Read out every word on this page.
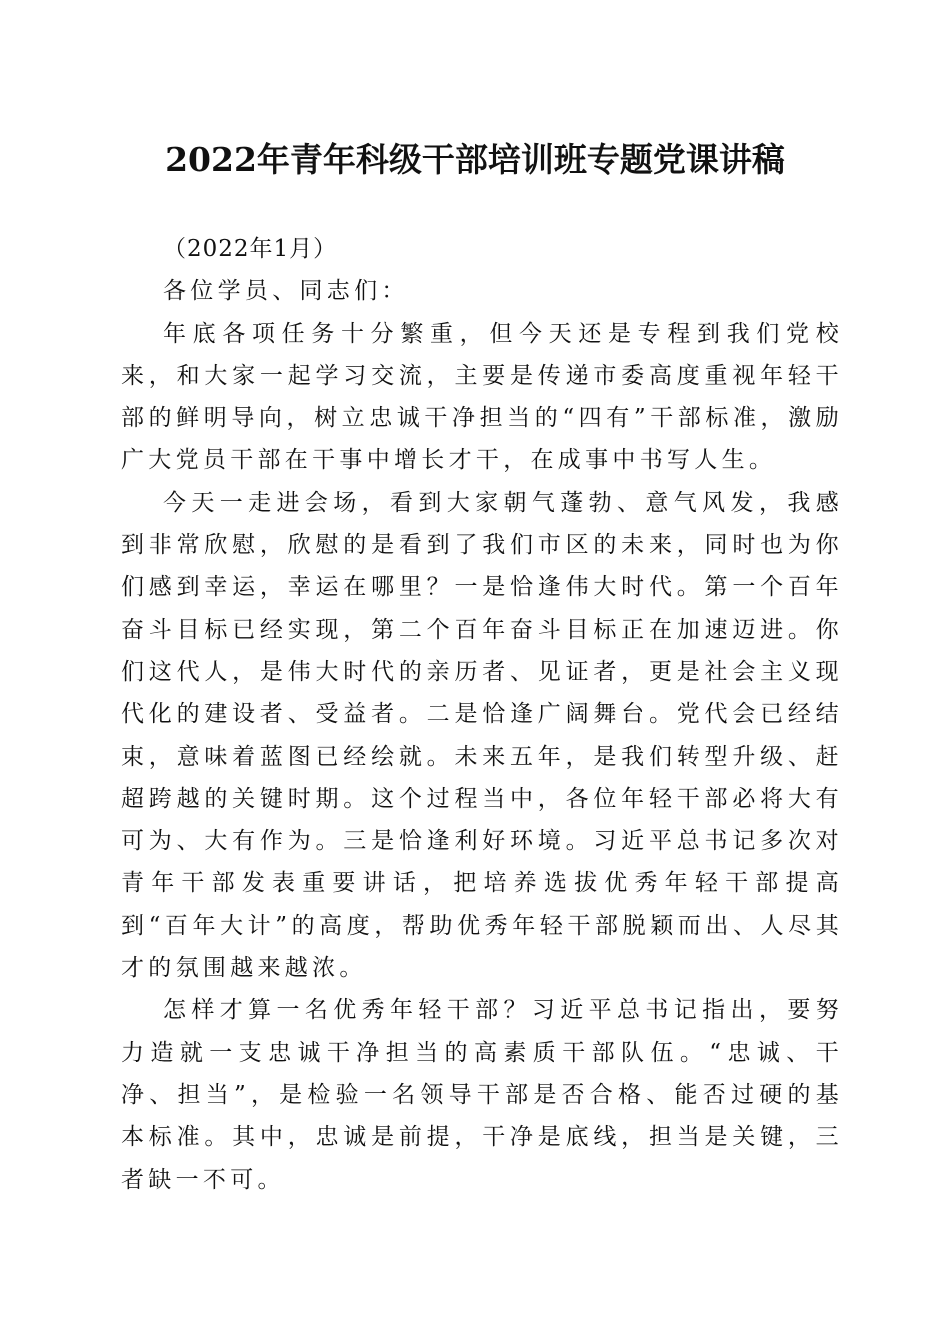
2022年青年科级干部培训班专题党课讲稿

（2022年1月）

各位学员、同志们：

年底各项任务十分繁重，但今天还是专程到我们党校来，和大家一起学习交流，主要是传递市委高度重视年轻干部的鲜明导向，树立忠诚干净担当的“四有”干部标准，激励广大党员干部在干事中增长才干，在成事中书写人生。

今天一走进会场，看到大家朝气蓬勃、意气风发，我感到非常欣慰，欣慰的是看到了我们市区的未来，同时也为你们感到幸运，幸运在哪里？一是恰逢伟大时代。第一个百年奋斗目标已经实现，第二个百年奋斗目标正在加速迈进。你们这代人，是伟大时代的亲历者、见证者，更是社会主义现代化的建设者、受益者。二是恰逢广阔舞台。党代会已经结束，意味着蓝图已经绘就。未来五年，是我们转型升级、赶超跨越的关键时期。这个过程当中，各位年轻干部必将大有可为、大有作为。三是恰逢利好环境。习近平总书记多次对青年干部发表重要讲话，把培养选拔优秀年轻干部提高到“百年大计”的高度，帮助优秀年轻干部脱颖而出、人尽其才的氛围越来越浓。

怎样才算一名优秀年轻干部？习近平总书记指出，要努力造就一支忠诚干净担当的高素质干部队伍。“忠诚、干净、担当”，是检验一名领导干部是否合格、能否过硬的基本标准。其中，忠诚是前提，干净是底线，担当是关键，三者缺一不可。
